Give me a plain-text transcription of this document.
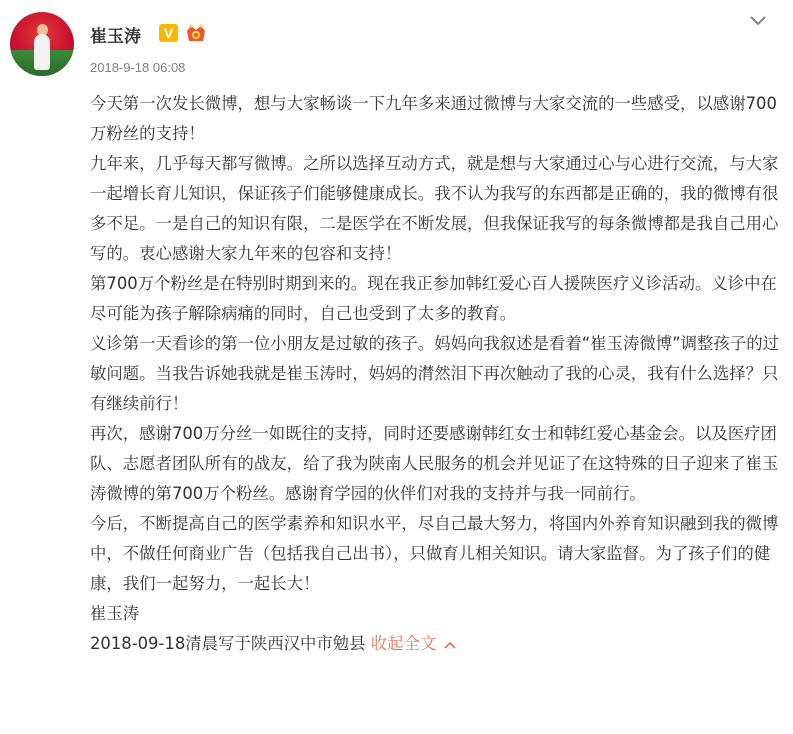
崔玉涛	V
2018-9-18 06:08

今天第一次发长微博，想与大家畅谈一下九年多来通过微博与大家交流的一些感受，以感谢700万粉丝的支持！

九年来，几乎每天都写微博。之所以选择互动方式，就是想与大家通过心与心进行交流，与大家一起增长育儿知识，保证孩子们能够健康成长。我不认为我写的东西都是正确的，我的微博有很多不足。一是自己的知识有限，二是医学在不断发展，但我保证我写的每条微博都是我自己用心写的。衷心感谢大家九年来的包容和支持！

第700万个粉丝是在特别时期到来的。现在我正参加韩红爱心百人援陕医疗义诊活动。义诊中在尽可能为孩子解除病痛的同时，自己也受到了太多的教育。

义诊第一天看诊的第一位小朋友是过敏的孩子。妈妈向我叙述是看着“崔玉涛微博”调整孩子的过敏问题。当我告诉她我就是崔玉涛时，妈妈的潸然泪下再次触动了我的心灵，我有什么选择？只有继续前行！

再次，感谢700万分丝一如既往的支持，同时还要感谢韩红女士和韩红爱心基金会。以及医疗团队、志愿者团队所有的战友，给了我为陕南人民服务的机会并见证了在这特殊的日子迎来了崔玉涛微博的第700万个粉丝。感谢育学园的伙伴们对我的支持并与我一同前行。

今后，不断提高自己的医学素养和知识水平，尽自己最大努力，将国内外养育知识融到我的微博中，不做任何商业广告（包括我自己出书），只做育儿相关知识。请大家监督。为了孩子们的健康，我们一起努力，一起长大！

崔玉涛

2018-09-18清晨写于陕西汉中市勉县 收起全文
